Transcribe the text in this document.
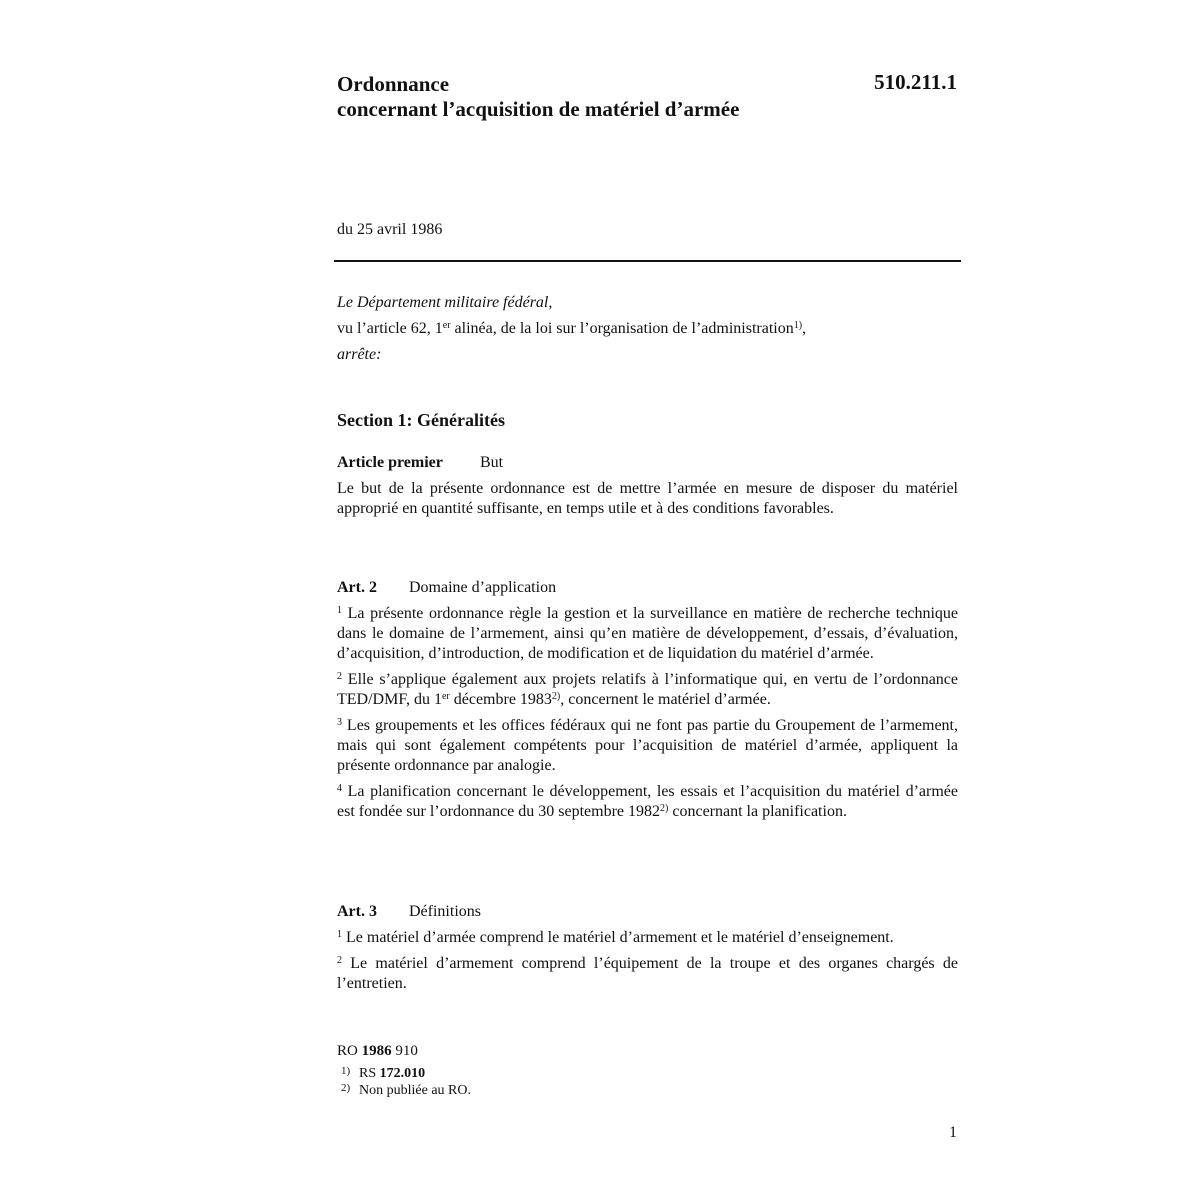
Ordonnance
concernant l’acquisition de matériel d’armée
510.211.1
du 25 avril 1986
Le Département militaire fédéral,
vu l’article 62, 1er alinéa, de la loi sur l’organisation de l’administration$^{1)}$,
arrête:
Section 1: Généralités
Article premier But

Le but de la présente ordonnance est de mettre l’armée en mesure de disposer du matériel approprié en quantité suffisante, en temps utile et à des conditions favorables.

Art. 2 Domaine d’application

$^1$ La présente ordonnance règle la gestion et la surveillance en matière de recherche technique dans le domaine de l’armement, ainsi qu’en matière de développement, d’essais, d’évaluation, d’acquisition, d’introduction, de modification et de liquidation du matériel d’armée.

$^2$ Elle s’applique également aux projets relatifs à l’informatique qui, en vertu de l’ordonnance TED/DMF, du 1er décembre 1983$^{2)}$, concernent le matériel d’armée.

$^3$ Les groupements et les offices fédéraux qui ne font pas partie du Groupement de l’armement, mais qui sont également compétents pour l’acquisition de matériel d’armée, appliquent la présente ordonnance par analogie.

$^4$ La planification concernant le développement, les essais et l’acquisition du matériel d’armée est fondée sur l’ordonnance du 30 septembre 1982$^{2)}$ concernant la planification.

Art. 3 Définitions

$^1$ Le matériel d’armée comprend le matériel d’armement et le matériel d’enseignement.

$^2$ Le matériel d’armement comprend l’équipement de la troupe et des organes chargés de l’entretien.

RO 1986 910
1) RS 172.010
2) Non publiée au RO.
1
